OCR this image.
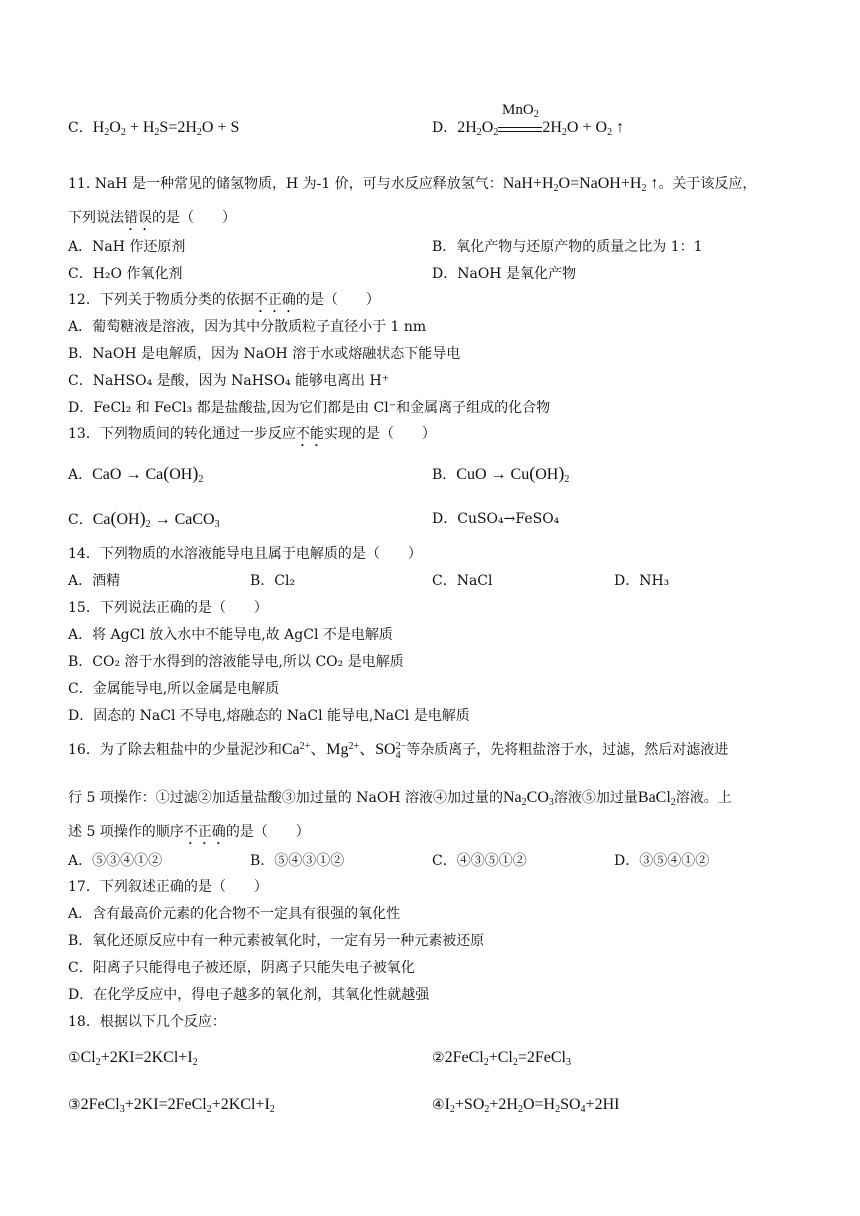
C．$H_2O_2 + H_2S=2H_2O + S$	D．$2H_2O_2$
MnO$_2$
$2H_2O + O_2$ ↑
11. NaH 是一种常见的储氢物质，H 为-1 价，可与水反应释放氢气：$NaH+H_2O=NaOH+H_2$ ↑。关于该反应，
下列说法错误的是（　　）
A．NaH 作还原剂	B．氧化产物与还原产物的质量之比为 1：1
C．H₂O 作氧化剂	D．NaOH 是氧化产物
12．下列关于物质分类的依据不正确的是（　　）
A．葡萄糖液是溶液，因为其中分散质粒子直径小于 1 nm
B．NaOH 是电解质，因为 NaOH 溶于水或熔融状态下能导电
C．NaHSO₄ 是酸，因为 NaHSO₄ 能够电离出 H⁺
D．FeCl₂ 和 FeCl₃ 都是盐酸盐,因为它们都是由 Cl⁻和金属离子组成的化合物
13．下列物质间的转化通过一步反应不能实现的是（　　）
A．CaO → $Ca(OH)_2$	B．CuO → $Cu(OH)_2$
C．$Ca(OH)_2$ → CaCO$_3$	D．CuSO₄→FeSO₄
14．下列物质的水溶液能导电且属于电解质的是（　　）
A．酒精	B．Cl₂	C．NaCl	D．NH₃
15．下列说法正确的是（　　）
A．将 AgCl 放入水中不能导电,故 AgCl 不是电解质
B．CO₂ 溶于水得到的溶液能导电,所以 CO₂ 是电解质
C．金属能导电,所以金属是电解质
D．固态的 NaCl 不导电,熔融态的 NaCl 能导电,NaCl 是电解质
16．为了除去粗盐中的少量泥沙和$Ca^{2+}$、$Mg^{2+}$、SO 2−
4 等杂质离子，先将粗盐溶于水，过滤，然后对滤液进
行 5 项操作：①过滤②加适量盐酸③加过量的 NaOH 溶液④加过量的$Na_2CO_3$溶液⑤加过量BaCl$_2$溶液。上
述 5 项操作的顺序不正确的是（　　）
A．⑤③④①②	B．⑤④③①②	C．④③⑤①②	D．③⑤④①②
17．下列叙述正确的是（　　）
A．含有最高价元素的化合物不一定具有很强的氧化性
B．氧化还原反应中有一种元素被氧化时，一定有另一种元素被还原
C．阳离子只能得电子被还原，阴离子只能失电子被氧化
D．在化学反应中，得电子越多的氧化剂，其氧化性就越强
18．根据以下几个反应：
$①Cl_2+2KI=2KCl+I_2$	$②2FeCl_2+Cl_2=2FeCl_3$
$③2FeCl_3+2KI=2FeCl_2+2KCl+I_2$	$④I_2+SO_2+2H_2O=H_2SO_4+2HI$
